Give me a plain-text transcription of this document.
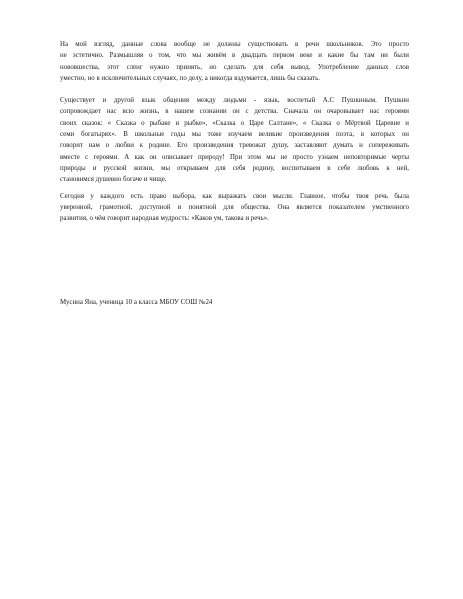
На мой взгляд, данные слова вообще не должны существовать в речи школьников. Это просто
не эстетично. Размышляя о том, что мы живём в двадцать первом веке и какие бы там ни были
нововшества, этот сленг нужно принять, но сделать для себя вывод. Употребление данных слов
уместно, но в исключительных случаях, по делу, а никогда вздумается, лишь бы сказать.
Существует и другой язык общения между людьми - язык, воспетый А.С Пушкиным. Пушкин
сопровождает нас всю жизнь, в нашем сознании он с детства. Сначала он очаровывает нас героями
своих сказок: « Сказка о рыбаке и рыбке», «Сказка о Царе Салтане», « Сказка о Мёртвой Царевне и
семи богатырях». В школьные годы мы тоже изучаем великие произведения поэта, в которых он
говорит нам о любви к родине. Его произведения тревожат душу, заставляют думать и сопереживать
вместе с героями. А как он описывает природу! При этом мы не просто узнаем неповторимые черты
природы и русской жизни, мы открываем для себя родину, воспитываем в себе любовь к ней,
становимся душевно богаче и чище.
Сегодня у каждого есть право выбора, как выражать свои мысли. Главное, чтобы твоя речь была
уверенной, грамотной, доступной и понятной для общества. Она является показателем умственного
развития, о чём говорит народная мудрость: «Каков ум, такова и речь».
Мусина Яна, ученица 10 а класса МБОУ СОШ №24
